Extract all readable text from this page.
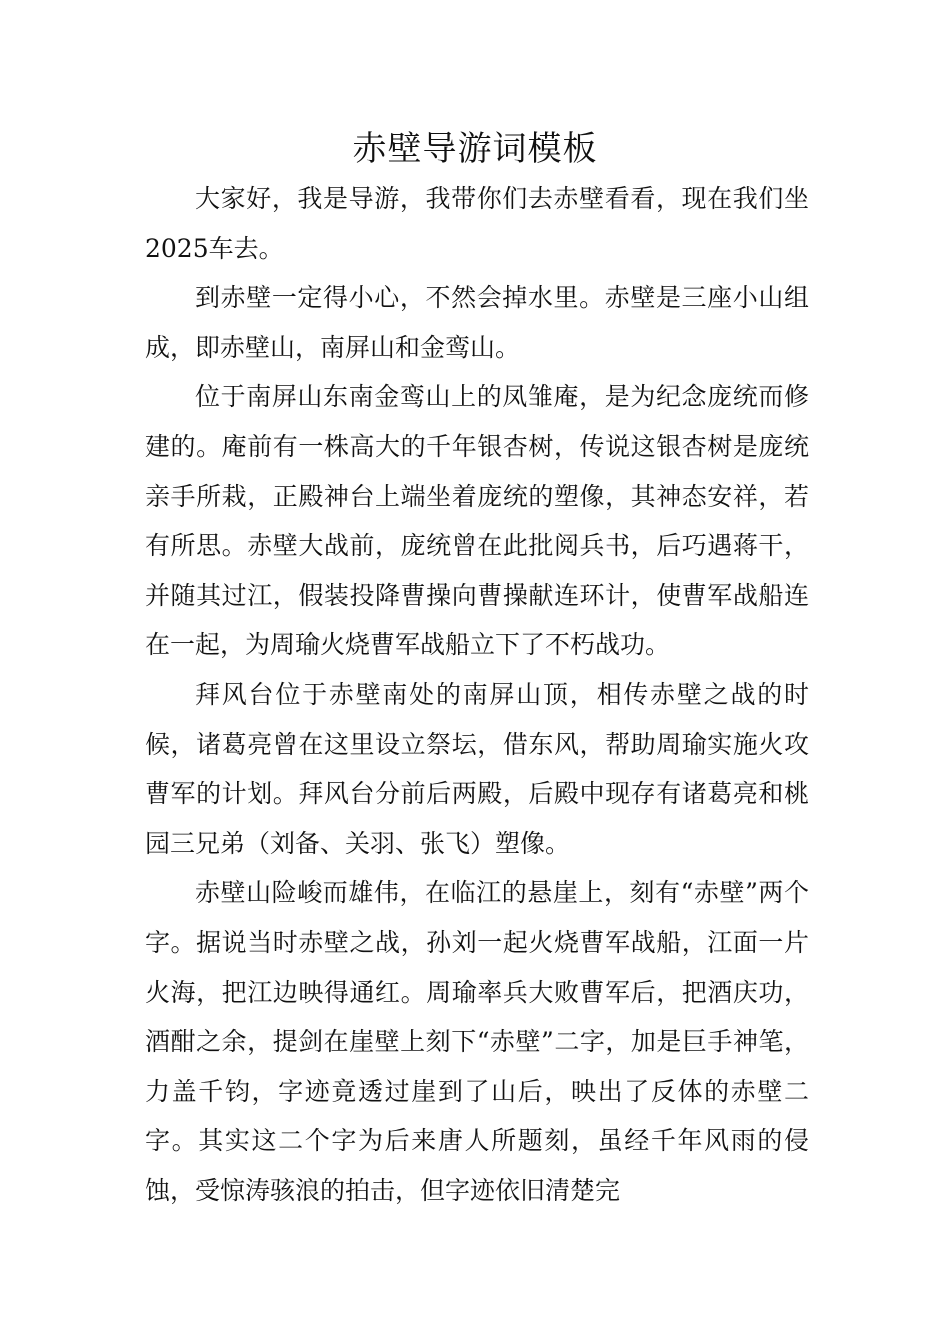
赤壁导游词模板

大家好，我是导游，我带你们去赤壁看看，现在我们坐2025车去。

到赤壁一定得小心，不然会掉水里。赤壁是三座小山组成，即赤壁山，南屏山和金鸾山。

位于南屏山东南金鸾山上的凤雏庵，是为纪念庞统而修建的。庵前有一株高大的千年银杏树，传说这银杏树是庞统亲手所栽，正殿神台上端坐着庞统的塑像，其神态安祥，若有所思。赤壁大战前，庞统曾在此批阅兵书，后巧遇蒋干，并随其过江，假装投降曹操向曹操献连环计，使曹军战船连在一起，为周瑜火烧曹军战船立下了不朽战功。

拜风台位于赤壁南处的南屏山顶，相传赤壁之战的时候，诸葛亮曾在这里设立祭坛，借东风，帮助周瑜实施火攻曹军的计划。拜风台分前后两殿，后殿中现存有诸葛亮和桃园三兄弟（刘备、关羽、张飞）塑像。

赤壁山险峻而雄伟，在临江的悬崖上，刻有“赤壁”两个字。据说当时赤壁之战，孙刘一起火烧曹军战船，江面一片火海，把江边映得通红。周瑜率兵大败曹军后，把酒庆功，酒酣之余，提剑在崖壁上刻下“赤壁”二字，加是巨手神笔，力盖千钧，字迹竟透过崖到了山后，映出了反体的赤壁二字。其实这二个字为后来唐人所题刻，虽经千年风雨的侵蚀，受惊涛骇浪的拍击，但字迹依旧清楚完
